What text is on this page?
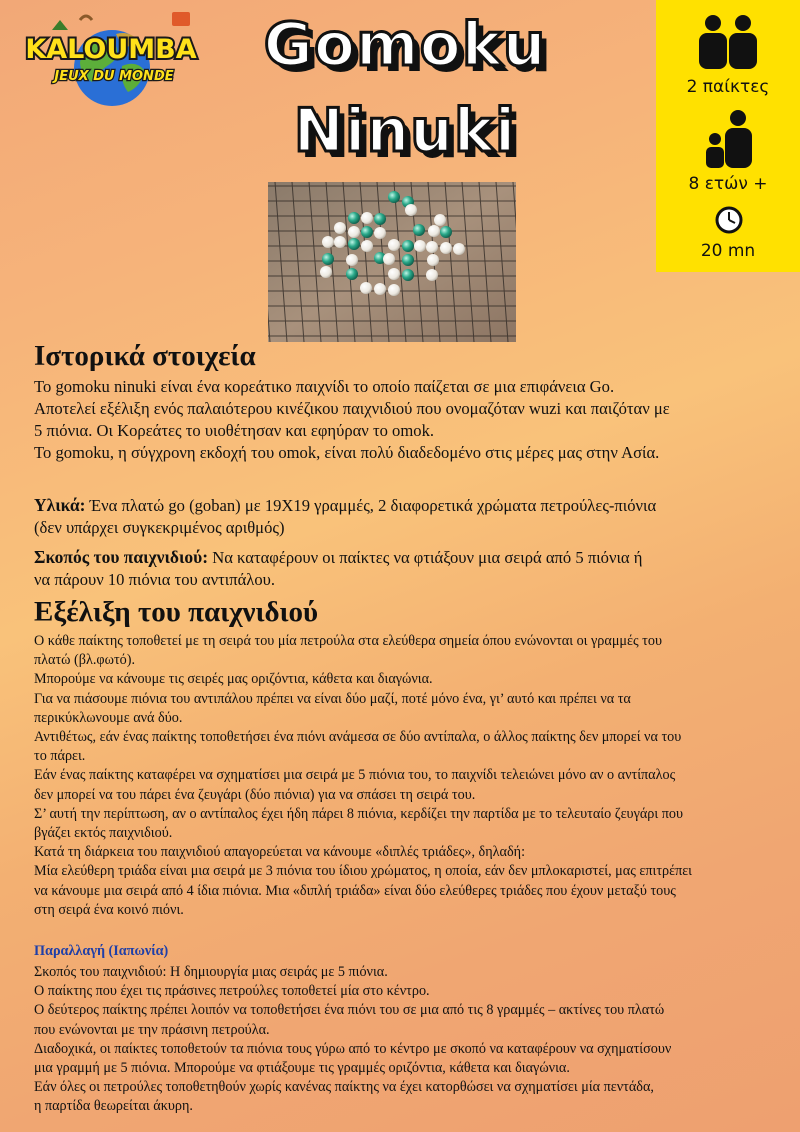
KALOUMBA
JEUX DU MONDE	Gomoku
Ninuki
2 παίκτες
8 ετών +
20 mn
Ιστορικά στοιχεία

Το gomoku ninuki είναι ένα κορεάτικο παιχνίδι το οποίο παίζεται σε μια επιφάνεια Go.
Αποτελεί εξέλιξη ενός παλαιότερου κινέζικου παιχνιδιού που ονομαζόταν wuzi και παιζόταν με
5 πιόνια. Οι Κορεάτες το υιοθέτησαν και εφηύραν το omok.
Το gomoku, η σύγχρονη εκδοχή του omok, είναι πολύ διαδεδομένο στις μέρες μας στην Ασία.

Υλικά: Ένα πλατώ go (goban) με 19X19 γραμμές, 2 διαφορετικά χρώματα πετρούλες-πιόνια
(δεν υπάρχει συγκεκριμένος αριθμός)

Σκοπός του παιχνιδιού: Να καταφέρουν οι παίκτες να φτιάξουν μια σειρά από 5 πιόνια ή
να πάρουν 10 πιόνια του αντιπάλου.

Εξέλιξη του παιχνιδιού

Ο κάθε παίκτης τοποθετεί με τη σειρά του μία πετρούλα στα ελεύθερα σημεία όπου ενώνονται οι γραμμές του
πλατώ (βλ.φωτό).
Μπορούμε να κάνουμε τις σειρές μας οριζόντια, κάθετα και διαγώνια.
Για να πιάσουμε πιόνια του αντιπάλου πρέπει να είναι δύο μαζί, ποτέ μόνο ένα, γι’ αυτό και πρέπει να τα
περικύκλωνουμε ανά δύο.
Αντιθέτως, εάν ένας παίκτης τοποθετήσει ένα πιόνι ανάμεσα σε δύο αντίπαλα, ο άλλος παίκτης δεν μπορεί να του
το πάρει.
Εάν ένας παίκτης καταφέρει να σχηματίσει μια σειρά με 5 πιόνια του, το παιχνίδι τελειώνει μόνο αν ο αντίπαλος
δεν μπορεί να του πάρει ένα ζευγάρι (δύο πιόνια) για να σπάσει τη σειρά του.
Σ’ αυτή την περίπτωση, αν ο αντίπαλος έχει ήδη πάρει 8 πιόνια, κερδίζει την παρτίδα με το τελευταίο ζευγάρι που
βγάζει εκτός παιχνιδιού.
Κατά τη διάρκεια του παιχνιδιού απαγορεύεται να κάνουμε «διπλές τριάδες», δηλαδή:
Μία ελεύθερη τριάδα είναι μια σειρά με 3 πιόνια του ίδιου χρώματος, η οποία, εάν δεν μπλοκαριστεί, μας επιτρέπει
να κάνουμε μια σειρά από 4 ίδια πιόνια. Μια «διπλή τριάδα» είναι δύο ελεύθερες τριάδες που έχουν μεταξύ τους
στη σειρά ένα κοινό πιόνι.

Παραλλαγή (Ιαπωνία)

Σκοπός του παιχνιδιού: Η δημιουργία μιας σειράς με 5 πιόνια.
Ο παίκτης που έχει τις πράσινες πετρούλες τοποθετεί μία στο κέντρο.
Ο δεύτερος παίκτης πρέπει λοιπόν να τοποθετήσει ένα πιόνι του σε μια από τις 8 γραμμές – ακτίνες του πλατώ
που ενώνονται με την πράσινη πετρούλα.
Διαδοχικά, οι παίκτες τοποθετούν τα πιόνια τους γύρω από το κέντρο με σκοπό να καταφέρουν να σχηματίσουν
μια γραμμή με 5 πιόνια. Μπορούμε να φτιάξουμε τις γραμμές οριζόντια, κάθετα και διαγώνια.
Εάν όλες οι πετρούλες τοποθετηθούν χωρίς κανένας παίκτης να έχει κατορθώσει να σχηματίσει μία πεντάδα,
η παρτίδα θεωρείται άκυρη.
